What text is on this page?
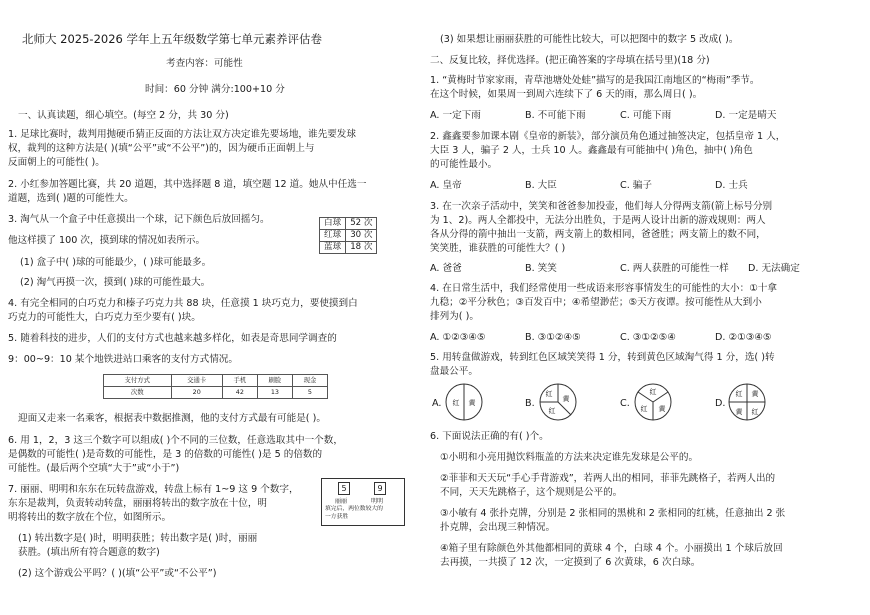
北师大 2025-2026 学年上五年级数学第七单元素养评估卷
考查内容：可能性
时间：60 分钟 满分:100+10 分
一、认真读题，细心填空。(每空 2 分，共 30 分)
1. 足球比赛时，裁判用抛硬币猜正反面的方法让双方决定谁先要场地，谁先要发球
权，裁判的这种方法是( )(填“公平”或“不公平”)的，因为硬币正面朝上与
反面朝上的可能性( )。
2. 小红参加答题比赛，共 20 道题，其中选择题 8 道，填空题 12 道。她从中任选一
道题，选到( )题的可能性大。
3. 淘气从一个盒子中任意摸出一个球，记下颜色后放回摇匀。
他这样摸了 100 次，摸到球的情况如表所示。
(1) 盒子中( )球的可能最少，( )球可能最多。
(2) 淘气再摸一次，摸到( )球的可能性最大。
白球	52 次
红球	30 次
蓝球	18 次
4. 有完全相同的白巧克力和榛子巧克力共 88 块，任意摸 1 块巧克力，要使摸到白
巧克力的可能性大，白巧克力至少要有( )块。
5. 随着科技的进步，人们的支付方式也越来越多样化，如表是奇思同学调查的
9：00~9：10 某个地铁进站口乘客的支付方式情况。
支付方式	交通卡	手机	刷脸	现金
次数	20	42	13	5
迎面又走来一名乘客，根据表中数据推测，他的支付方式最有可能是( )。
6. 用 1，2，3 这三个数字可以组成( )个不同的三位数，任意选取其中一个数，
是偶数的可能性( )是奇数的可能性，是 3 的倍数的可能性( )是 5 的倍数的
可能性。(最后两个空填“大于”或“小于”)
7. 丽丽、明明和东东在玩转盘游戏，转盘上标有 1~9 这 9 个数字，
东东是裁判，负责转动转盘，丽丽将转出的数字放在十位，明
明将转出的数字放在个位，如图所示。
(1) 转出数字是( )时，明明获胜；转出数字是( )时，丽丽
获胜。(填出所有符合题意的数字)
(2) 这个游戏公平吗？( )(填“公平”或“不公平”)
5	9
丽丽	明明
填完后，两位数较大的
一方获胜
(3) 如果想让丽丽获胜的可能性比较大，可以把图中的数字 5 改成( )。
二、反复比较，择优选择。(把正确答案的字母填在括号里)(18 分)
1. “黄梅时节家家雨，青草池塘处处蛙”描写的是我国江南地区的“梅雨”季节。
在这个时候，如果周一到周六连续下了 6 天的雨，那么周日( )。
A. 一定下雨	B. 不可能下雨	C. 可能下雨	D. 一定是晴天
2. 鑫鑫要参加课本剧《皇帝的新装》，部分演员角色通过抽签决定，包括皇帝 1 人，
大臣 3 人，骗子 2 人，士兵 10 人。鑫鑫最有可能抽中( )角色，抽中( )角色
的可能性最小。
A. 皇帝	B. 大臣	C. 骗子	D. 士兵
3. 在一次亲子活动中，笑笑和爸爸参加投壶，他们每人分得两支箭(箭上标号分别
为 1、2)。两人全都投中，无法分出胜负，于是两人设计出新的游戏规则：两人
各从分得的箭中抽出一支箭，两支箭上的数相同，爸爸胜；两支箭上的数不同，
笑笑胜，谁获胜的可能性大？( )
A. 爸爸	B. 笑笑	C. 两人获胜的可能性一样 D. 无法确定
4. 在日常生活中，我们经常使用一些成语来形容事情发生的可能性的大小：①十拿
九稳；②平分秋色；③百发百中；④希望渺茫；⑤天方夜谭。按可能性从大到小
排列为( )。
A. ①②③④⑤	B. ③①②④⑤	C. ③①②⑤④	D. ②①③④⑤
5. 用转盘做游戏，转到红色区域笑笑得 1 分，转到黄色区域淘气得 1 分，选( )转
盘最公平。
A. 红 黄	B.
红
黄
红
C.
红
黄
红	D.
红 黄
黄 红
6. 下面说法正确的有( )个。
①小明和小亮用抛饮料瓶盖的方法来决定谁先发球是公平的。
②菲菲和天天玩“手心手背游戏”，若两人出的相同，菲菲先跳格子，若两人出的
不同，天天先跳格子，这个规则是公平的。
③小敏有 4 张扑克牌，分别是 2 张相同的黑桃和 2 张相同的红桃，任意抽出 2 张
扑克牌，会出现三种情况。
④箱子里有除颜色外其他都相同的黄球 4 个，白球 4 个。小丽摸出 1 个球后放回
去再摸，一共摸了 12 次，一定摸到了 6 次黄球，6 次白球。
